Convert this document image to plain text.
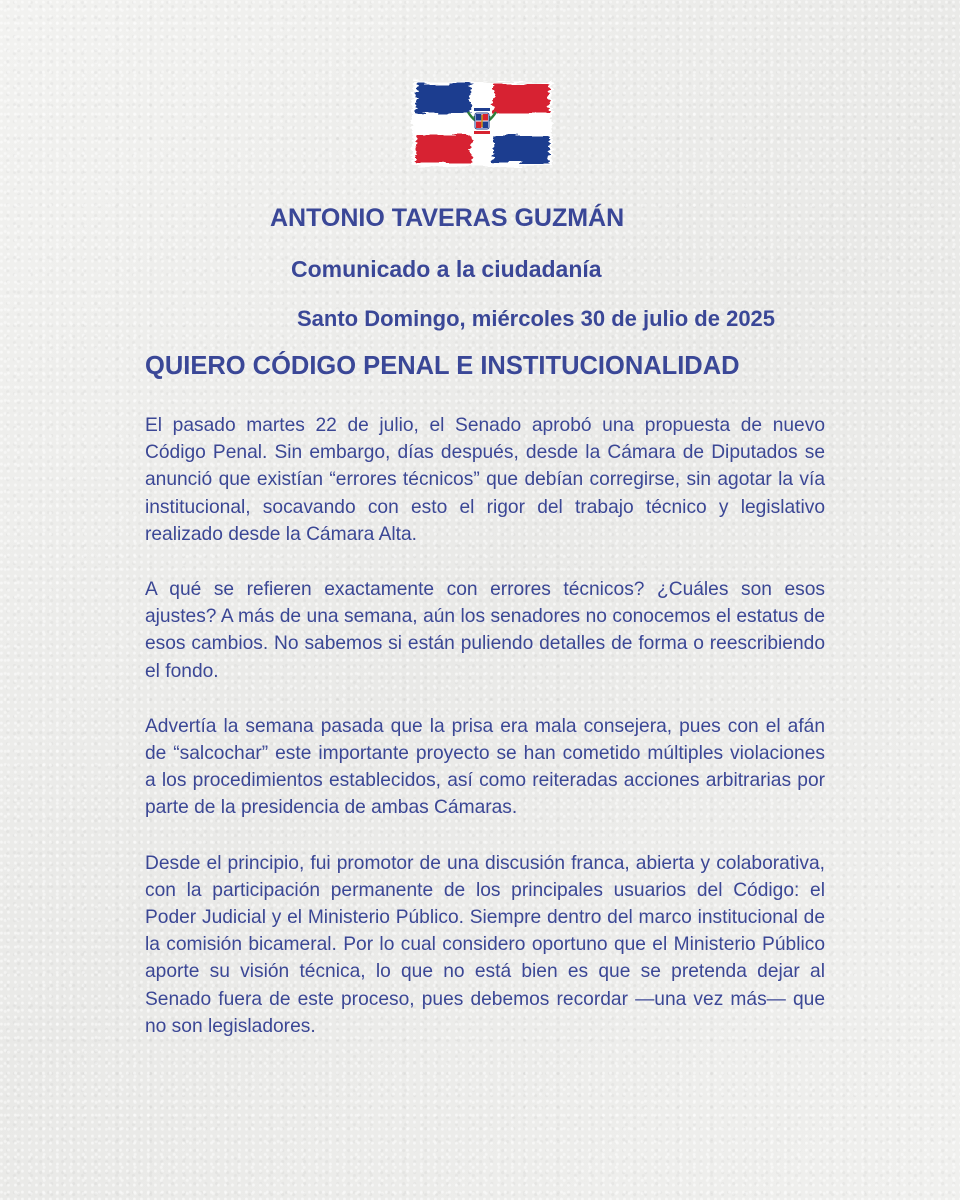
ANTONIO TAVERAS GUZMÁN
Comunicado a la ciudadanía
Santo Domingo, miércoles 30 de julio de 2025
QUIERO CÓDIGO PENAL E INSTITUCIONALIDAD

El pasado martes 22 de julio, el Senado aprobó una propuesta de nuevo Código Penal. Sin embargo, días después, desde la Cámara de Diputados se anunció que existían “errores técnicos” que debían corregirse, sin agotar la vía institucional, socavando con esto el rigor del trabajo técnico y legislativo realizado desde la Cámara Alta.

A qué se refieren exactamente con errores técnicos? ¿Cuáles son esos ajustes? A más de una semana, aún los senadores no conocemos el estatus de esos cambios. No sabemos si están puliendo detalles de forma o reescribiendo el fondo.

Advertía la semana pasada que la prisa era mala consejera, pues con el afán de “salcochar” este importante proyecto se han cometido múltiples violaciones a los procedimientos establecidos, así como reiteradas acciones arbitrarias por parte de la presidencia de ambas Cámaras.

Desde el principio, fui promotor de una discusión franca, abierta y colaborativa, con la participación permanente de los principales usuarios del Código: el Poder Judicial y el Ministerio Público. Siempre dentro del marco institucional de la comisión bicameral. Por lo cual considero oportuno que el Ministerio Público aporte su visión técnica, lo que no está bien es que se pretenda dejar al Senado fuera de este proceso, pues debemos recordar —una vez más— que no son legisladores.
